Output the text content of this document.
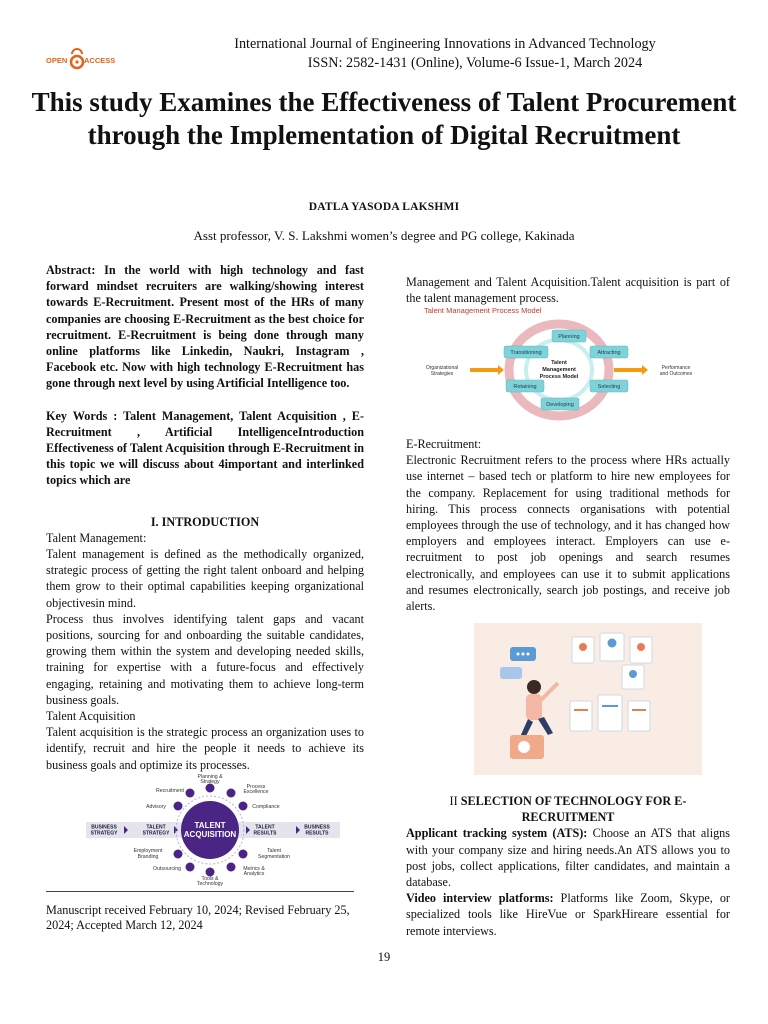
OPEN ACCESS
International Journal of Engineering Innovations in Advanced Technology
ISSN: 2582-1431 (Online), Volume-6 Issue-1, March 2024
This study Examines the Effectiveness of Talent Procurement through the Implementation of Digital Recruitment
DATLA YASODA LAKSHMI
Asst professor, V. S. Lakshmi women’s degree and PG college, Kakinada

Abstract: In the world with high technology and fast forward mindset recruiters are walking/showing interest towards E-Recruitment. Present most of the HRs of many companies are choosing E-Recruitment as the best choice for recruitment. E-Recruitment is being done through many online platforms like Linkedin, Naukri, Instagram , Facebook etc. Now with high technology E-Recruitment has gone through next level by using Artificial Intelligence too.

Key Words : Talent Management, Talent Acquisition , E-Recruitment , Artificial IntelligenceIntroduction Effectiveness of Talent Acquisition through E-Recruitment in this topic we will discuss about 4important and interlinked topics which are

I. INTRODUCTION

Talent Management:

Talent management is defined as the methodically organized, strategic process of getting the right talent onboard and helping them grow to their optimal capabilities keeping organizational objectivesin mind.

Process thus involves identifying talent gaps and vacant positions, sourcing for and onboarding the suitable candidates, growing them within the system and developing needed skills, training for expertise with a future-focus and effectively engaging, retaining and motivating them to achieve long-term business goals.

Talent Acquisition

Talent acquisition is the strategic process an organization uses to identify, recruit and hire the people it needs to achieve its business goals and optimize its processes.

BUSINESS
STRATEGY
TALENT
STRATEGY
TALENT
RESULTS
BUSINESS
RESULTS
TALENT
ACQUISITION
Planning &
Strategy
Recruitment
Process
Excellence
Advisory	Compliance
Employment
Branding
Talent
Segmentation
Outsourcing	Metrics &
Analytics
Tools &
Technology
Manuscript received February 10, 2024; Revised February 25, 2024; Accepted March 12, 2024

Management and Talent Acquisition.Talent acquisition is part of the talent management process.

Talent Management Process Model
Talent
Management
Process Model
Planning
Attracting
Selecting
Developing
Retaining
Transitioning
Organizational
Strategies
Performance
and Outcomes

E-Recruitment:

Electronic Recruitment refers to the process where HRs actually use internet – based tech or platform to hire new employees for the company. Replacement for using traditional methods for hiring. This process connects organisations with potential employees through the use of technology, and it has changed how employers and employees interact. Employers can use e-recruitment to post job openings and search resumes electronically, and employees can use it to submit applications and resumes electronically, search job postings, and receive job alerts.

II SELECTION OF TECHNOLOGY FOR E-RECRUITMENT

Applicant tracking system (ATS): Choose an ATS that aligns with your company size and hiring needs.An ATS allows you to post jobs, collect applications, filter candidates, and maintain a database.

Video interview platforms: Platforms like Zoom, Skype, or specialized tools like HireVue or SparkHireare essential for remote interviews.

19
